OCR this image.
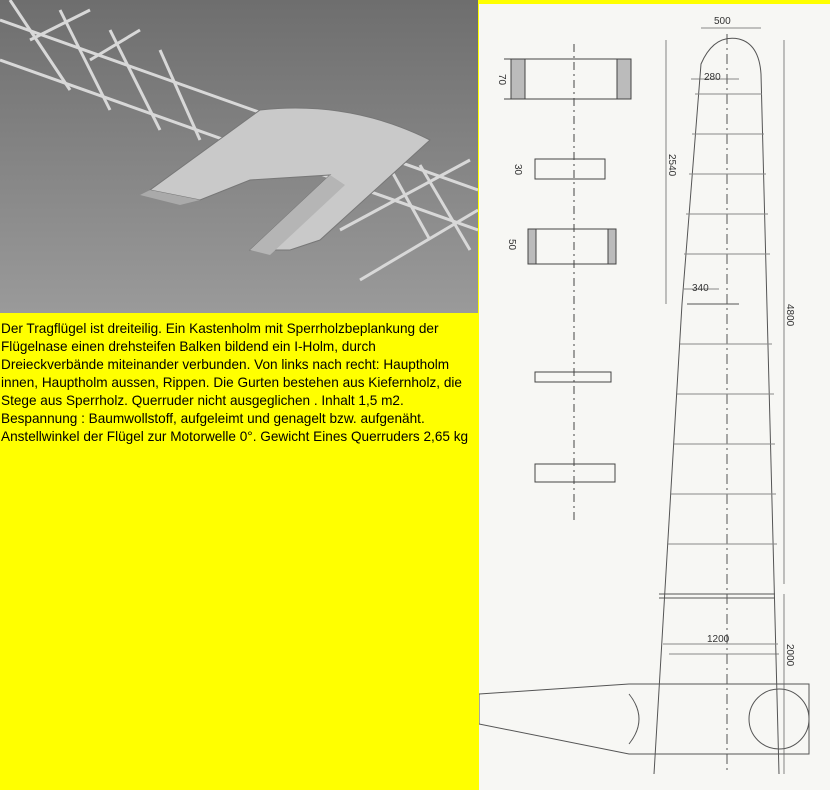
Der Tragflügel ist dreiteilig. Ein Kastenholm mit Sperrholzbeplankung der Flügelnase einen drehsteifen Balken bildend ein I-Holm, durch Dreieckverbände miteinander verbunden. Von links nach recht: Hauptholm innen, Hauptholm aussen, Rippen. Die Gurten bestehen aus Kiefernholz, die Stege aus Sperrholz. Querruder nicht ausgeglichen . Inhalt 1,5 m2. Bespannung : Baumwollstoff, aufgeleimt und genagelt bzw. aufgenäht. Anstellwinkel der Flügel zur Motorwelle 0°. Gewicht Eines Querruders 2,65 kg

500
280
2540
340
4800
1200
2000
70
30
50
